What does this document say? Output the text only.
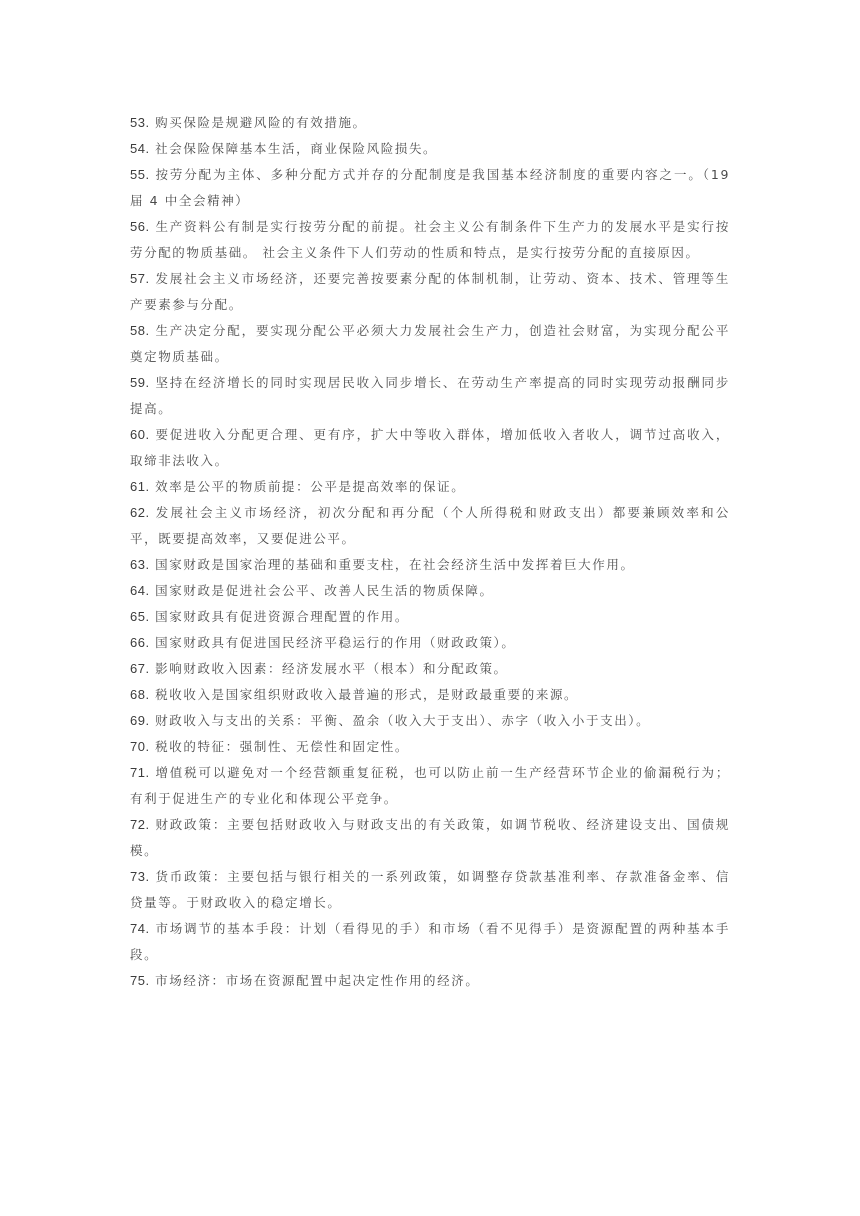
53. 购买保险是规避风险的有效措施。

54. 社会保险保障基本生活，商业保险风险损失。

55. 按劳分配为主体、多种分配方式并存的分配制度是我国基本经济制度的重要内容之一。（19 届 4 中全会精神）

56. 生产资料公有制是实行按劳分配的前提。社会主义公有制条件下生产力的发展水平是实行按劳分配的物质基础。 社会主义条件下人们劳动的性质和特点，是实行按劳分配的直接原因。

57. 发展社会主义市场经济，还要完善按要素分配的体制机制，让劳动、资本、技术、管理等生产要素参与分配。

58. 生产决定分配，要实现分配公平必须大力发展社会生产力，创造社会财富，为实现分配公平奠定物质基础。

59. 坚持在经济增长的同时实现居民收入同步增长、在劳动生产率提高的同时实现劳动报酬同步提高。

60. 要促进收入分配更合理、更有序，扩大中等收入群体，增加低收入者收人，调节过高收入，取缔非法收入。

61. 效率是公平的物质前提：公平是提高效率的保证。

62. 发展社会主义市场经济，初次分配和再分配（个人所得税和财政支出）都要兼顾效率和公平，既要提高效率，又要促进公平。

63. 国家财政是国家治理的基础和重要支柱，在社会经济生活中发挥着巨大作用。

64. 国家财政是促进社会公平、改善人民生活的物质保障。

65. 国家财政具有促进资源合理配置的作用。

66. 国家财政具有促进国民经济平稳运行的作用（财政政策）。

67. 影响财政收入因素：经济发展水平（根本）和分配政策。

68. 税收收入是国家组织财政收入最普遍的形式，是财政最重要的来源。

69. 财政收入与支出的关系：平衡、盈余（收入大于支出）、赤字（收入小于支出）。

70. 税收的特征：强制性、无偿性和固定性。

71. 增值税可以避免对一个经营额重复征税，也可以防止前一生产经营环节企业的偷漏税行为；有利于促进生产的专业化和体现公平竞争。

72. 财政政策：主要包括财政收入与财政支出的有关政策，如调节税收、经济建设支出、国债规模。

73. 货币政策：主要包括与银行相关的一系列政策，如调整存贷款基准利率、存款准备金率、信贷量等。于财政收入的稳定增长。

74. 市场调节的基本手段：计划（看得见的手）和市场（看不见得手）是资源配置的两种基本手段。

75. 市场经济：市场在资源配置中起决定性作用的经济。
